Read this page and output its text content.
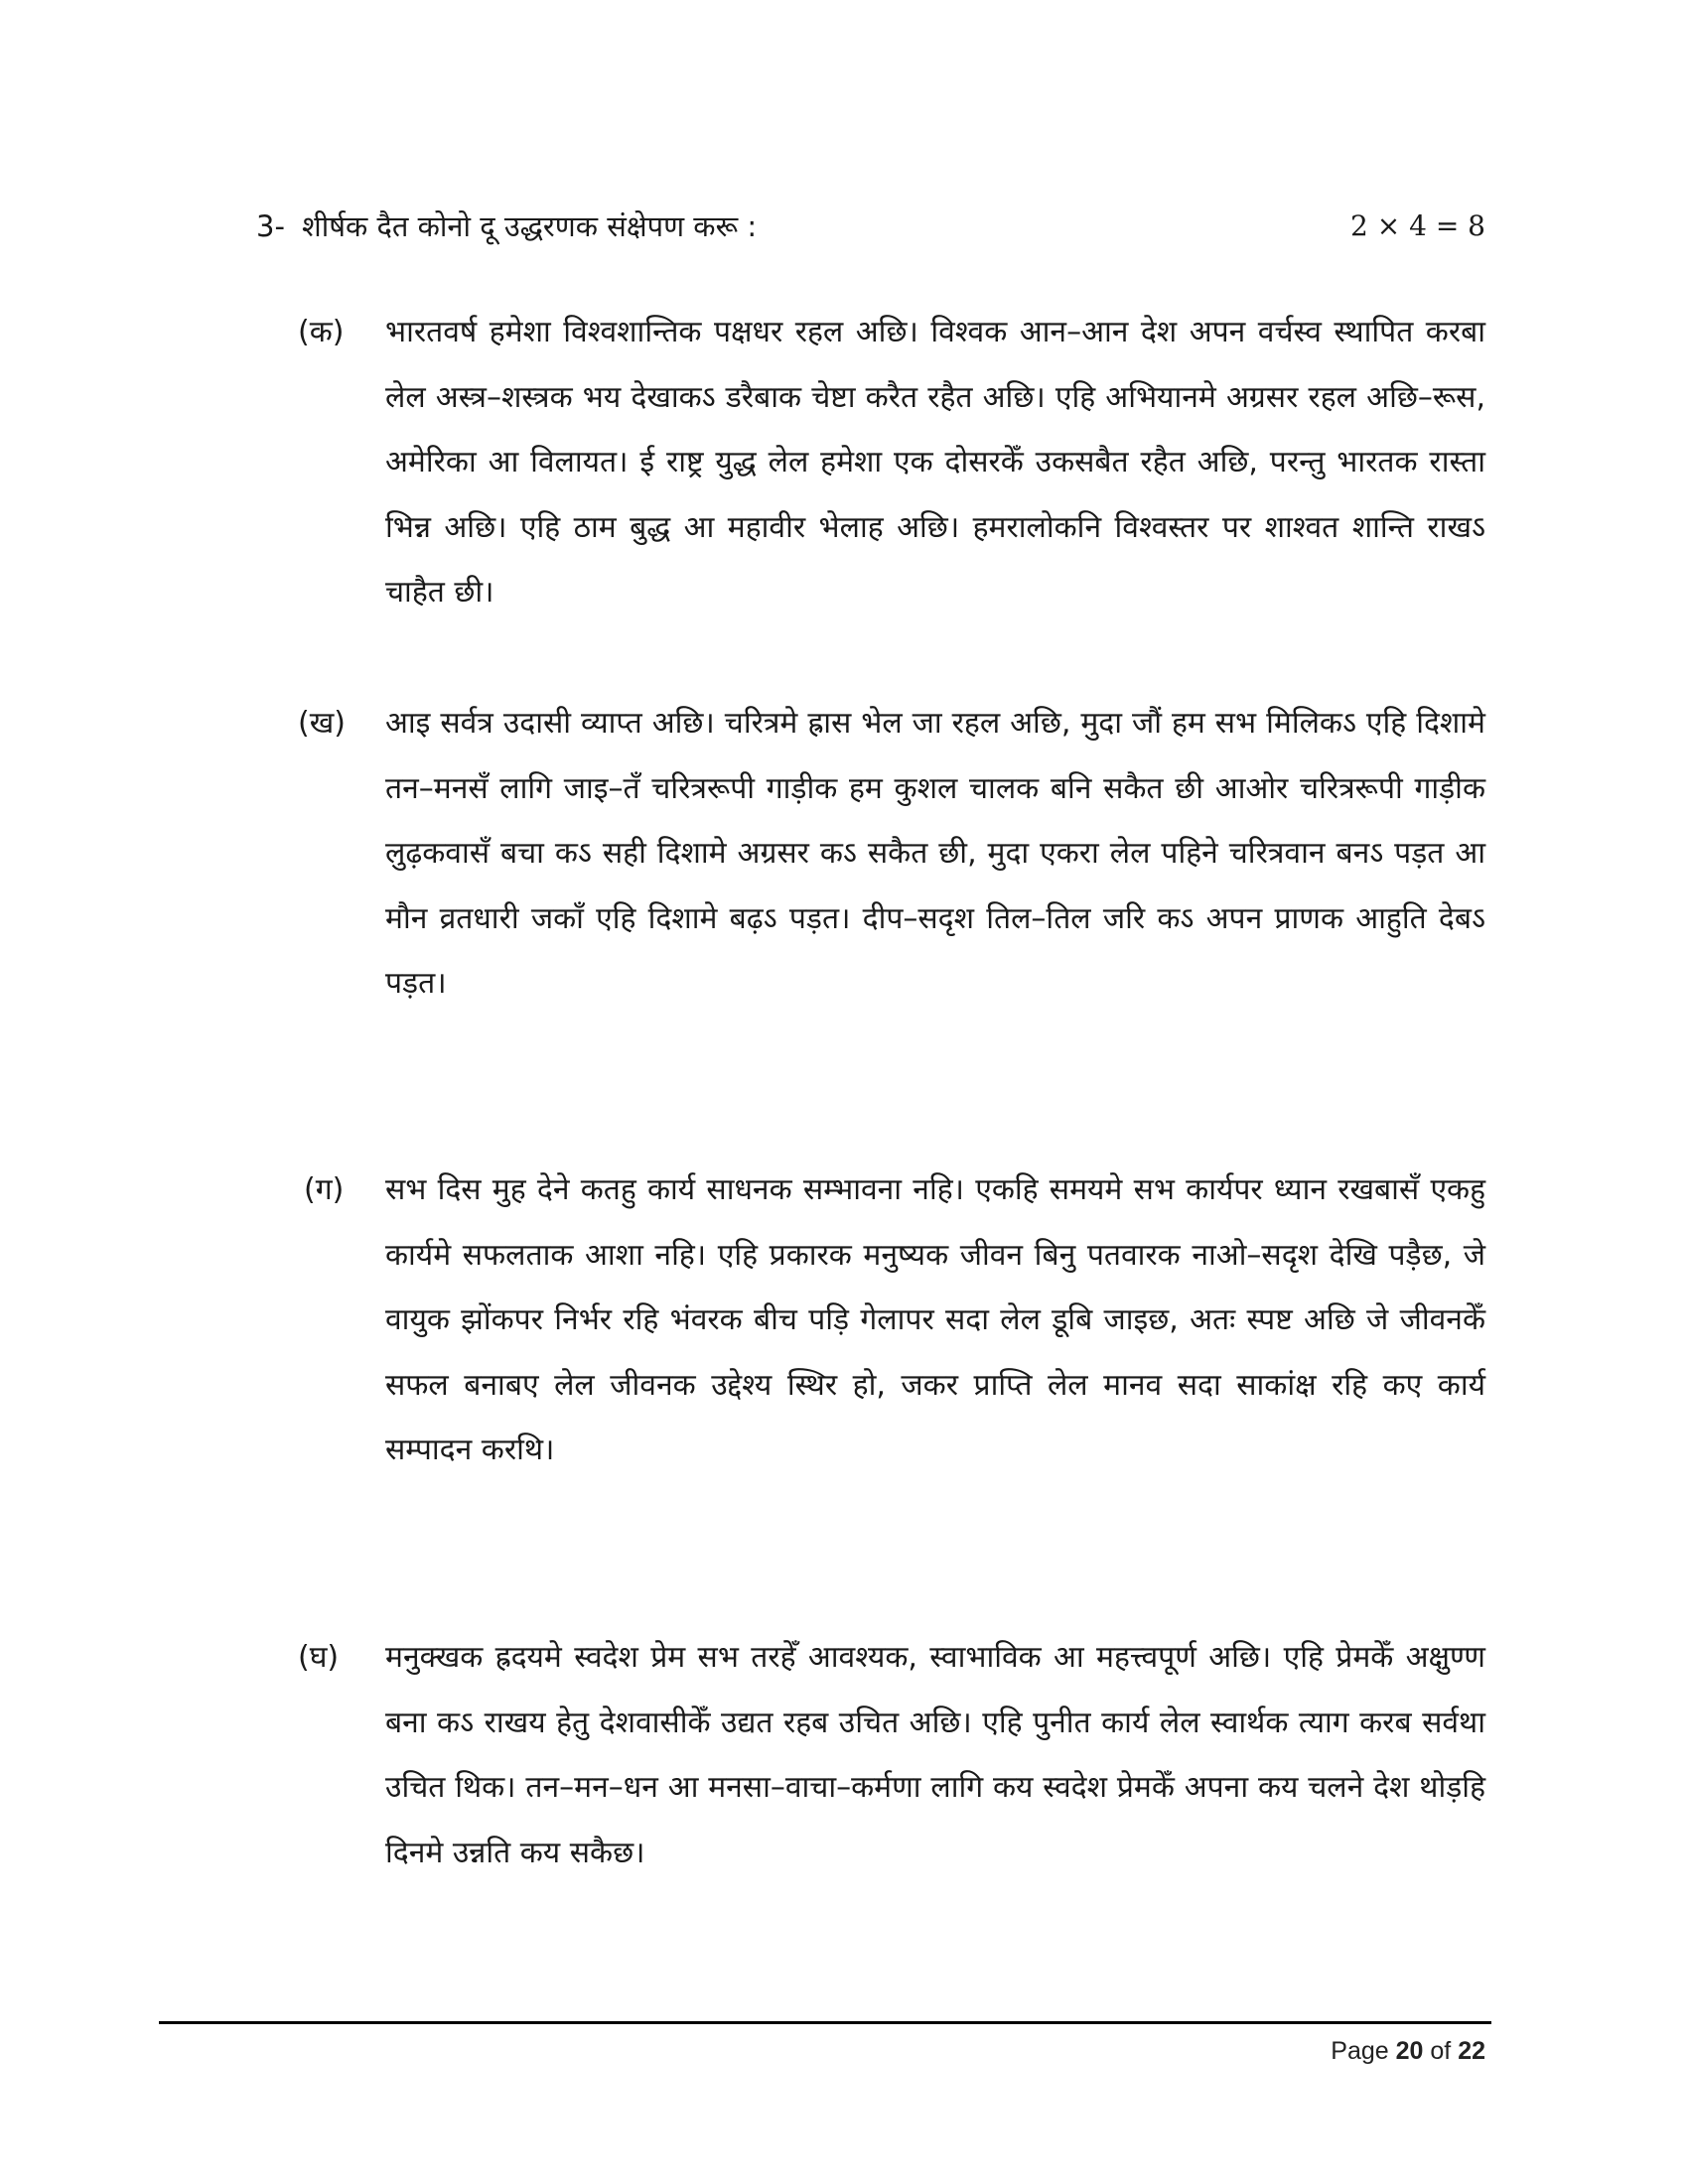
3- शीर्षक दैत कोनो दू उद्धरणक संक्षेपण करू :	2 × 4 = 8
(क) भारतवर्ष हमेशा विश्वशान्तिक पक्षधर रहल अछि। विश्वक आन–आन देश अपन वर्चस्व स्थापित करबा लेल अस्त्र–शस्त्रक भय देखाकऽ डरैबाक चेष्टा करैत रहैत अछि। एहि अभियानमे अग्रसर रहल अछि–रूस, अमेरिका आ विलायत। ई राष्ट्र युद्ध लेल हमेशा एक दोसरकेँ उकसबैत रहैत अछि, परन्तु भारतक रास्ता भिन्न अछि। एहि ठाम बुद्ध आ महावीर भेलाह अछि। हमरालोकनि विश्वस्तर पर शाश्वत शान्ति राखऽ चाहैत छी।
(ख) आइ सर्वत्र उदासी व्याप्त अछि। चरित्रमे ह्रास भेल जा रहल अछि, मुदा जौं हम सभ मिलिकऽ एहि दिशामे तन–मनसँ लागि जाइ–तँ चरित्ररूपी गाड़ीक हम कुशल चालक बनि सकैत छी आओर चरित्ररूपी गाड़ीक लुढ़कवासँ बचा कऽ सही दिशामे अग्रसर कऽ सकैत छी, मुदा एकरा लेल पहिने चरित्रवान बनऽ पड़त आ मौन व्रतधारी जकाँ एहि दिशामे बढ़ऽ पड़त। दीप–सदृश तिल–तिल जरि कऽ अपन प्राणक आहुति देबऽ पड़त।
(ग) सभ दिस मुह देने कतहु कार्य साधनक सम्भावना नहि। एकहि समयमे सभ कार्यपर ध्यान रखबासँ एकहु कार्यमे सफलताक आशा नहि। एहि प्रकारक मनुष्यक जीवन बिनु पतवारक नाओ–सदृश देखि पड़ैछ, जे वायुक झोंकपर निर्भर रहि भंवरक बीच पड़ि गेलापर सदा लेल डूबि जाइछ, अतः स्पष्ट अछि जे जीवनकेँ सफल बनाबए लेल जीवनक उद्देश्य स्थिर हो, जकर प्राप्ति लेल मानव सदा साकांक्ष रहि कए कार्य सम्पादन करथि।
(घ) मनुक्खक ह्रदयमे स्वदेश प्रेम सभ तरहेँ आवश्यक, स्वाभाविक आ महत्त्वपूर्ण अछि। एहि प्रेमकेँ अक्षुण्ण बना कऽ राखय हेतु देशवासीकेँ उद्यत रहब उचित अछि। एहि पुनीत कार्य लेल स्वार्थक त्याग करब सर्वथा उचित थिक। तन–मन–धन आ मनसा–वाचा–कर्मणा लागि कय स्वदेश प्रेमकेँ अपना कय चलने देश थोड़हि दिनमे उन्नति कय सकैछ।
Page 20 of 22
